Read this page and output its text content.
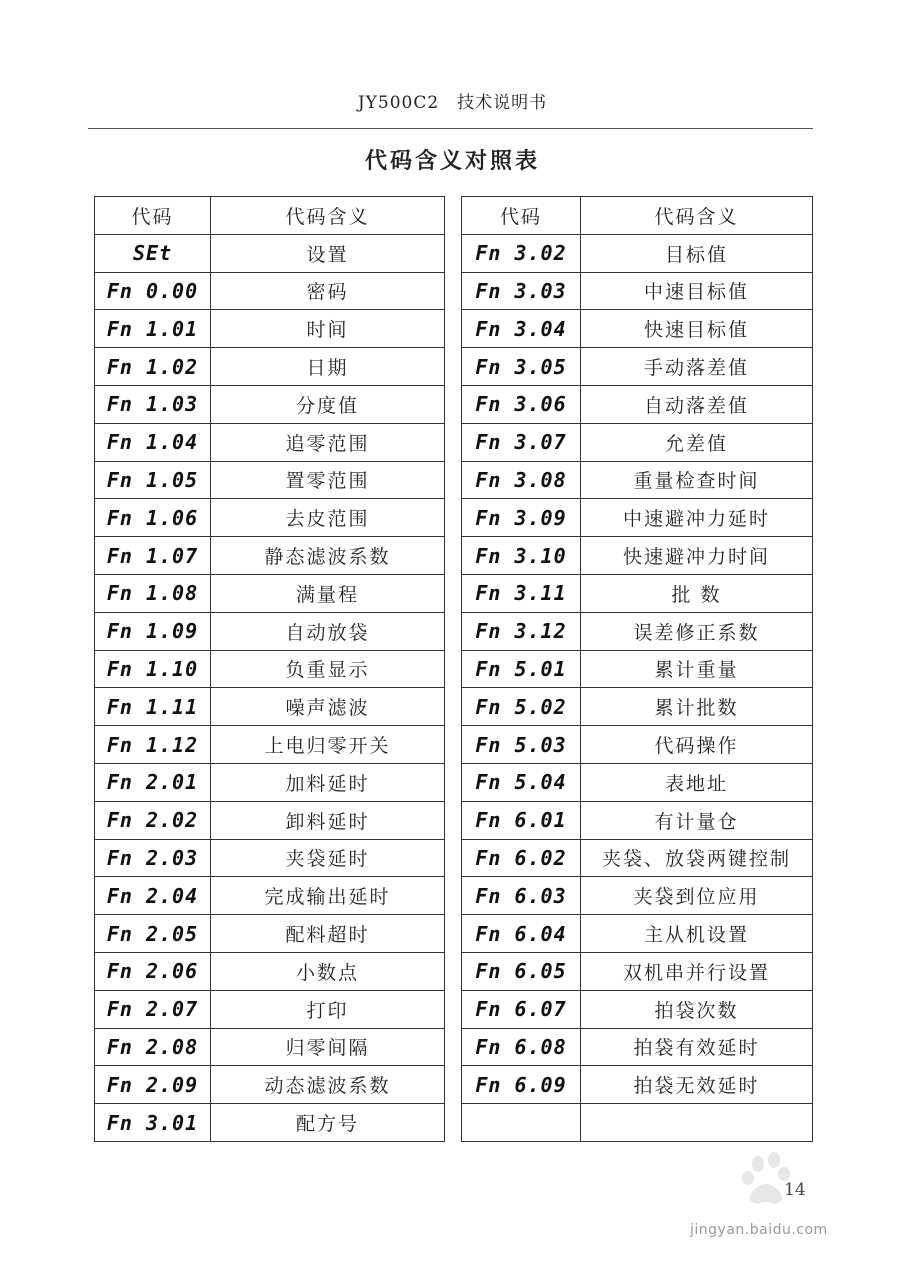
JY500C2　技术说明书
代码含义对照表
代码	代码含义
SEt	设置
Fn 0.00	密码
Fn 1.01	时间
Fn 1.02	日期
Fn 1.03	分度值
Fn 1.04	追零范围
Fn 1.05	置零范围
Fn 1.06	去皮范围
Fn 1.07	静态滤波系数
Fn 1.08	满量程
Fn 1.09	自动放袋
Fn 1.10	负重显示
Fn 1.11	噪声滤波
Fn 1.12	上电归零开关
Fn 2.01	加料延时
Fn 2.02	卸料延时
Fn 2.03	夹袋延时
Fn 2.04	完成输出延时
Fn 2.05	配料超时
Fn 2.06	小数点
Fn 2.07	打印
Fn 2.08	归零间隔
Fn 2.09	动态滤波系数
Fn 3.01	配方号
代码	代码含义
Fn 3.02	目标值
Fn 3.03	中速目标值
Fn 3.04	快速目标值
Fn 3.05	手动落差值
Fn 3.06	自动落差值
Fn 3.07	允差值
Fn 3.08	重量检查时间
Fn 3.09	中速避冲力延时
Fn 3.10	快速避冲力时间
Fn 3.11	批 数
Fn 3.12	误差修正系数
Fn 5.01	累计重量
Fn 5.02	累计批数
Fn 5.03	代码操作
Fn 5.04	表地址
Fn 6.01	有计量仓
Fn 6.02	夹袋、放袋两键控制
Fn 6.03	夹袋到位应用
Fn 6.04	主从机设置
Fn 6.05	双机串并行设置
Fn 6.07	拍袋次数
Fn 6.08	拍袋有效延时
Fn 6.09	拍袋无效延时

14
jingyan.baidu.com
